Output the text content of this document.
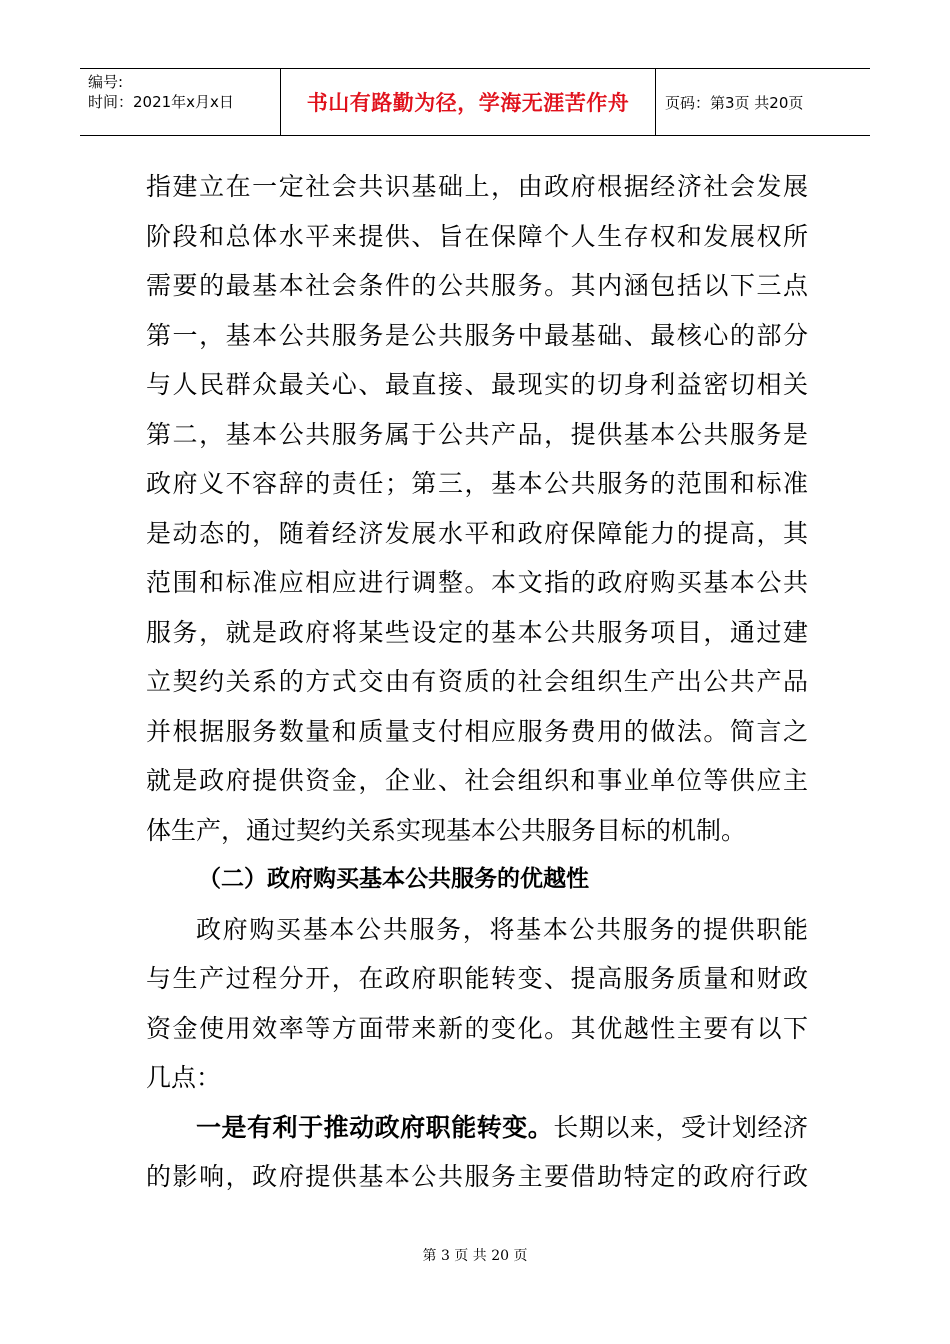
编号:
时间：2021年x月x日	书山有路勤为径，学海无涯苦作舟	页码：第3页 共20页
指建立在一定社会共识基础上，由政府根据经济社会发展
阶段和总体水平来提供、旨在保障个人生存权和发展权所
需要的最基本社会条件的公共服务。其内涵包括以下三点
第一，基本公共服务是公共服务中最基础、最核心的部分
与人民群众最关心、最直接、最现实的切身利益密切相关
第二，基本公共服务属于公共产品，提供基本公共服务是
政府义不容辞的责任；第三，基本公共服务的范围和标准
是动态的，随着经济发展水平和政府保障能力的提高，其
范围和标准应相应进行调整。本文指的政府购买基本公共
服务，就是政府将某些设定的基本公共服务项目，通过建
立契约关系的方式交由有资质的社会组织生产出公共产品
并根据服务数量和质量支付相应服务费用的做法。简言之
就是政府提供资金，企业、社会组织和事业单位等供应主
体生产，通过契约关系实现基本公共服务目标的机制。
（二）政府购买基本公共服务的优越性
政府购买基本公共服务，将基本公共服务的提供职能
与生产过程分开，在政府职能转变、提高服务质量和财政
资金使用效率等方面带来新的变化。其优越性主要有以下
几点：
一是有利于推动政府职能转变。长期以来，受计划经济
的影响，政府提供基本公共服务主要借助特定的政府行政
第 3 页 共 20 页
